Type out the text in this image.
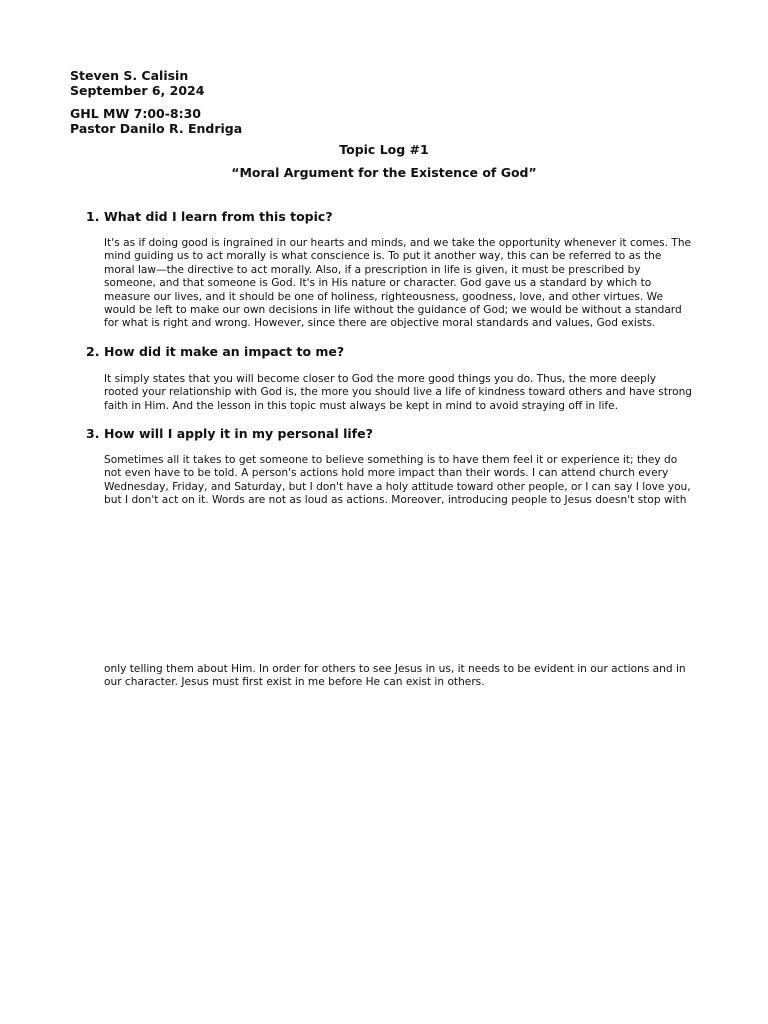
Steven S. Calisin
September 6, 2024
GHL MW 7:00-8:30
Pastor Danilo R. Endriga
Topic Log #1
“Moral Argument for the Existence of God”
1. What did I learn from this topic?
It's as if doing good is ingrained in our hearts and minds, and we take the opportunity whenever it comes. The
mind guiding us to act morally is what conscience is. To put it another way, this can be referred to as the
moral law—the directive to act morally. Also, if a prescription in life is given, it must be prescribed by
someone, and that someone is God. It's in His nature or character. God gave us a standard by which to
measure our lives, and it should be one of holiness, righteousness, goodness, love, and other virtues. We
would be left to make our own decisions in life without the guidance of God; we would be without a standard
for what is right and wrong. However, since there are objective moral standards and values, God exists.
2. How did it make an impact to me?
It simply states that you will become closer to God the more good things you do. Thus, the more deeply
rooted your relationship with God is, the more you should live a life of kindness toward others and have strong
faith in Him. And the lesson in this topic must always be kept in mind to avoid straying off in life.
3. How will I apply it in my personal life?
Sometimes all it takes to get someone to believe something is to have them feel it or experience it; they do
not even have to be told. A person's actions hold more impact than their words. I can attend church every
Wednesday, Friday, and Saturday, but I don't have a holy attitude toward other people, or I can say I love you,
but I don't act on it. Words are not as loud as actions. Moreover, introducing people to Jesus doesn't stop with
only telling them about Him. In order for others to see Jesus in us, it needs to be evident in our actions and in
our character. Jesus must first exist in me before He can exist in others.
